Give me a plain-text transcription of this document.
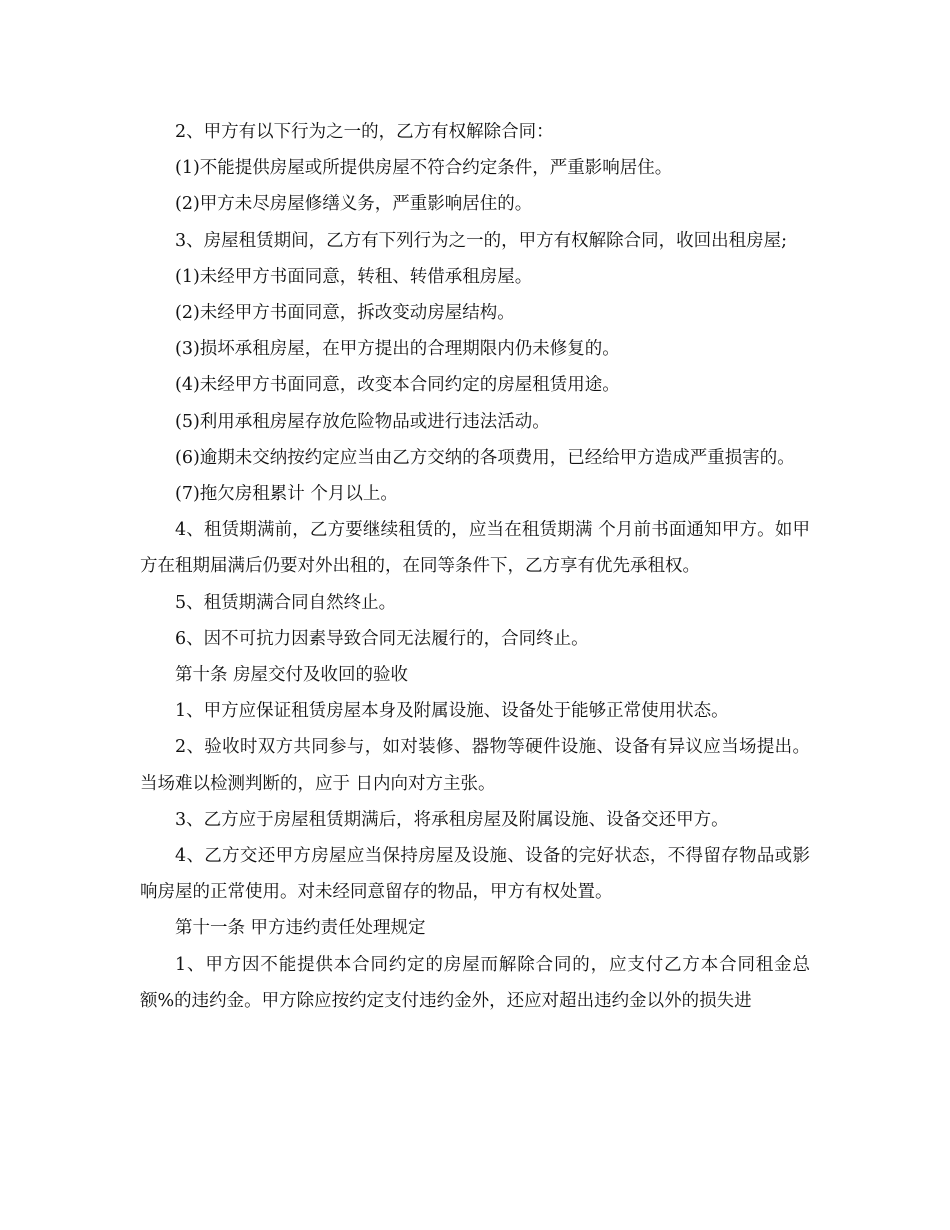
2、甲方有以下行为之一的，乙方有权解除合同：

(1)不能提供房屋或所提供房屋不符合约定条件，严重影响居住。

(2)甲方未尽房屋修缮义务，严重影响居住的。

3、房屋租赁期间，乙方有下列行为之一的，甲方有权解除合同，收回出租房屋;

(1)未经甲方书面同意，转租、转借承租房屋。

(2)未经甲方书面同意，拆改变动房屋结构。

(3)损坏承租房屋，在甲方提出的合理期限内仍未修复的。

(4)未经甲方书面同意，改变本合同约定的房屋租赁用途。

(5)利用承租房屋存放危险物品或进行违法活动。

(6)逾期未交纳按约定应当由乙方交纳的各项费用，已经给甲方造成严重损害的。

(7)拖欠房租累计 个月以上。

4、租赁期满前，乙方要继续租赁的，应当在租赁期满 个月前书面通知甲方。如甲方在租期届满后仍要对外出租的，在同等条件下，乙方享有优先承租权。

5、租赁期满合同自然终止。

6、因不可抗力因素导致合同无法履行的，合同终止。

第十条 房屋交付及收回的验收

1、甲方应保证租赁房屋本身及附属设施、设备处于能够正常使用状态。

2、验收时双方共同参与，如对装修、器物等硬件设施、设备有异议应当场提出。当场难以检测判断的，应于 日内向对方主张。

3、乙方应于房屋租赁期满后，将承租房屋及附属设施、设备交还甲方。

4、乙方交还甲方房屋应当保持房屋及设施、设备的完好状态，不得留存物品或影响房屋的正常使用。对未经同意留存的物品，甲方有权处置。

第十一条 甲方违约责任处理规定

1、甲方因不能提供本合同约定的房屋而解除合同的，应支付乙方本合同租金总额%的违约金。甲方除应按约定支付违约金外，还应对超出违约金以外的损失进
